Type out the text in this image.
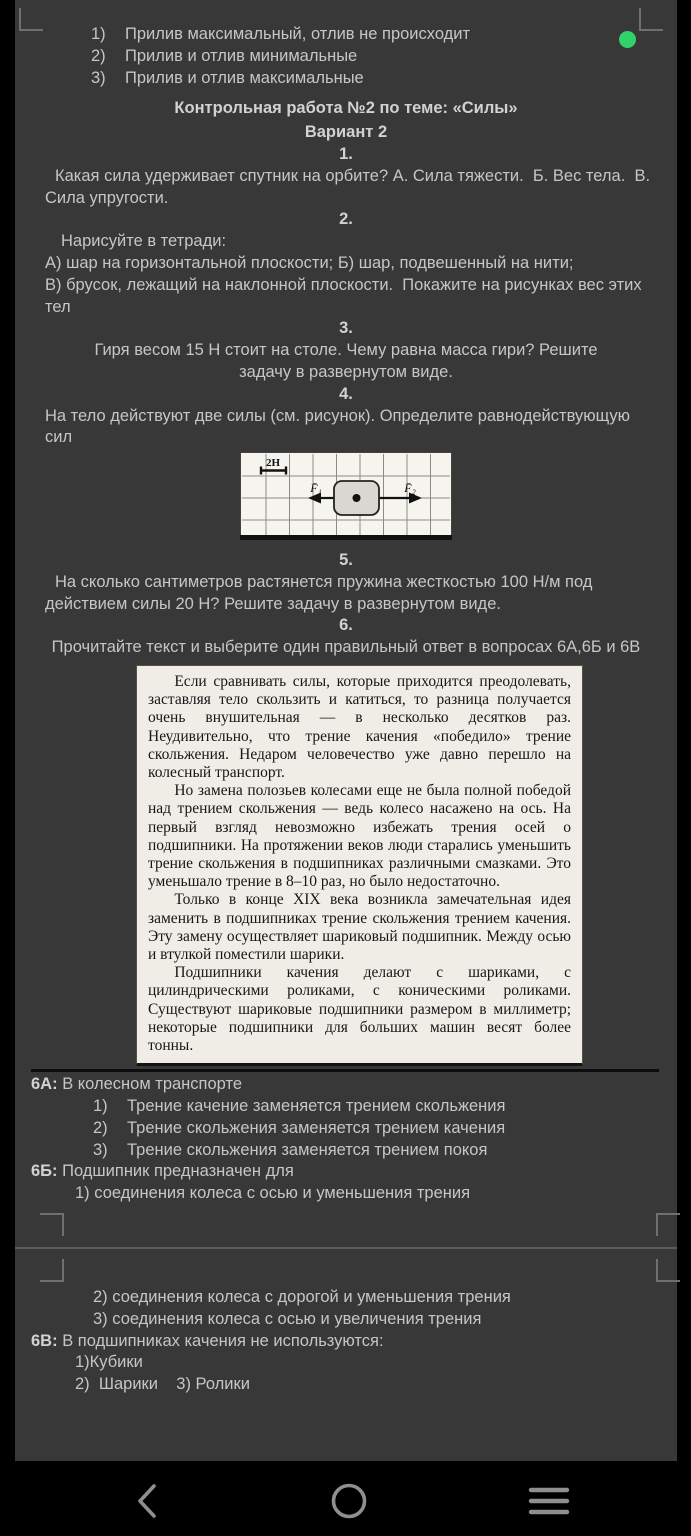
1)	Прилив максимальный, отлив не происходит
2)	Прилив и отлив минимальные
3)	Прилив и отлив максимальные
Контрольная работа №2 по теме: «Силы»
Вариант 2
1.
Какая сила удерживает спутник на орбите? А. Сила тяжести.  Б. Вес тела.  В. Сила упругости.
2.
Нарисуйте в тетради:
А) шар на горизонтальной плоскости; Б) шар, подвешенный на нити;
В) брусок, лежащий на наклонной плоскости.  Покажите на рисунках вес этих тел
3.
Гиря весом 15 Н стоит на столе. Чему равна масса гири? Решите задачу в развернутом виде.
4.
На тело действуют две силы (см. рисунок). Определите равнодействующую сил
2Н
F̄₁	F̄₂
5.
На сколько сантиметров растянется пружина жесткостью 100 Н/м под действием силы 20 Н? Решите задачу в развернутом виде.
6.
Прочитайте текст и выберите один правильный ответ в вопросах 6А,6Б и 6В

Если сравнивать силы, которые приходится преодолевать, заставляя тело скользить и катиться, то разница получается очень внушительная — в несколько десятков раз. Неудивительно, что трение качения «победило» трение скольжения. Недаром человечество уже давно перешло на колесный транспорт.

Но замена полозьев колесами еще не была полной победой над трением скольжения — ведь колесо насажено на ось. На первый взгляд невозможно избежать трения осей о подшипники. На протяжении веков люди старались уменьшить трение скольжения в подшипниках различными смазками. Это уменьшало трение в 8–10 раз, но было недостаточно.

Только в конце XIX века возникла замечательная идея заменить в подшипниках трение скольжения трением качения. Эту замену осуществляет шариковый подшипник. Между осью и втулкой поместили шарики.

Подшипники качения делают с шариками, с цилиндрическими роликами, с коническими роликами. Существуют шариковые подшипники размером в миллиметр; некоторые подшипники для больших машин весят более тонны.

6А: В колесном транспорте
1)	Трение качение заменяется трением скольжения
2)	Трение скольжения заменяется трением качения
3)	Трение скольжения заменяется трением покоя
6Б: Подшипник предназначен для
1) соединения колеса с осью и уменьшения трения
2) соединения колеса с дорогой и уменьшения трения
3) соединения колеса с осью и увеличения трения
6В: В подшипниках качения не используются:
1)Кубики
2)  Шарики    3) Ролики
